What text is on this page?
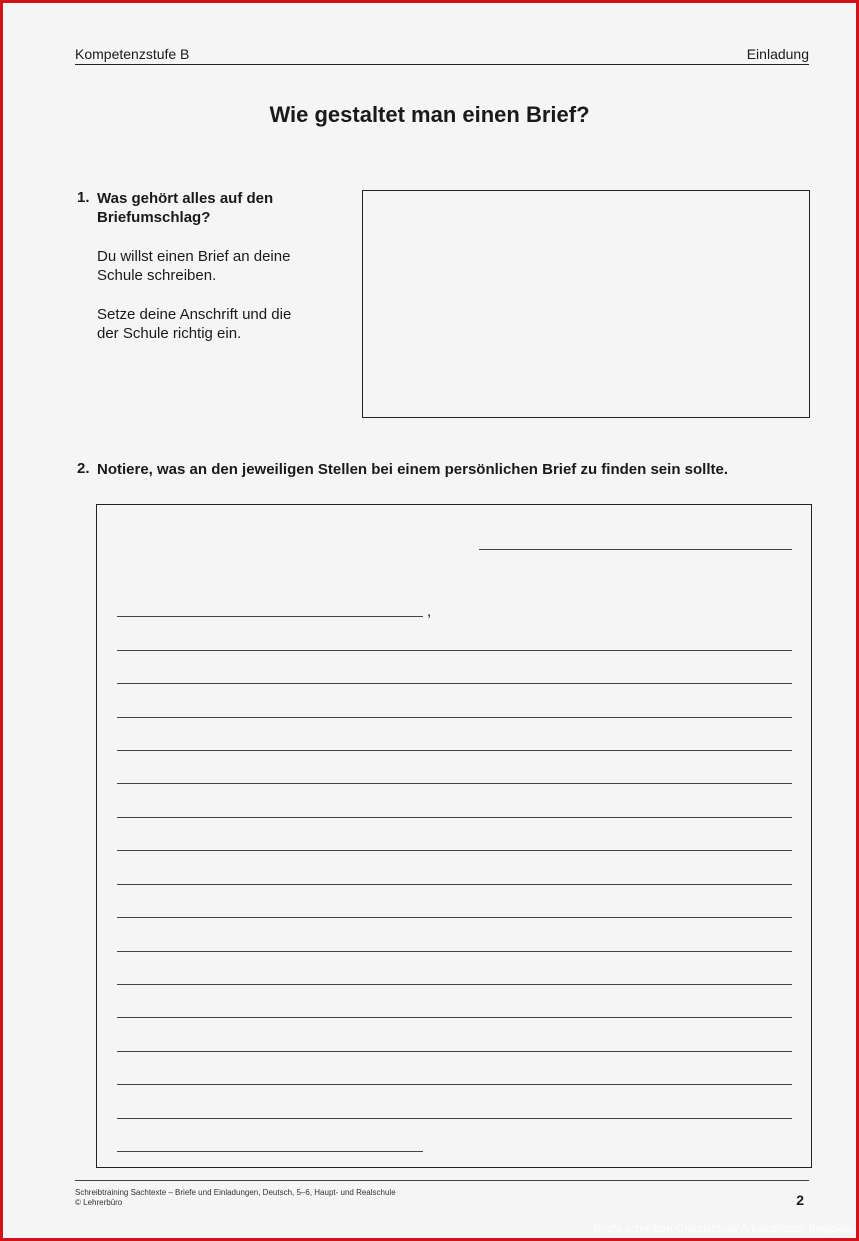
Kompetenzstufe B	Einladung
Wie gestaltet man einen Brief?
1. Was gehört alles auf den
Briefumschlag?
Du willst einen Brief an deine
Schule schreiben.
Setze deine Anschrift und die
der Schule richtig ein.
2. Notiere, was an den jeweiligen Stellen bei einem persönlichen Brief zu finden sein sollte.
,
Schreibtraining Sachtexte – Briefe und Einladungen, Deutsch, 5–6, Haupt- und Realschule
© Lehrerbüro	2
Briefe schreiben Grundschule Arbeitsblätter Beispiele
